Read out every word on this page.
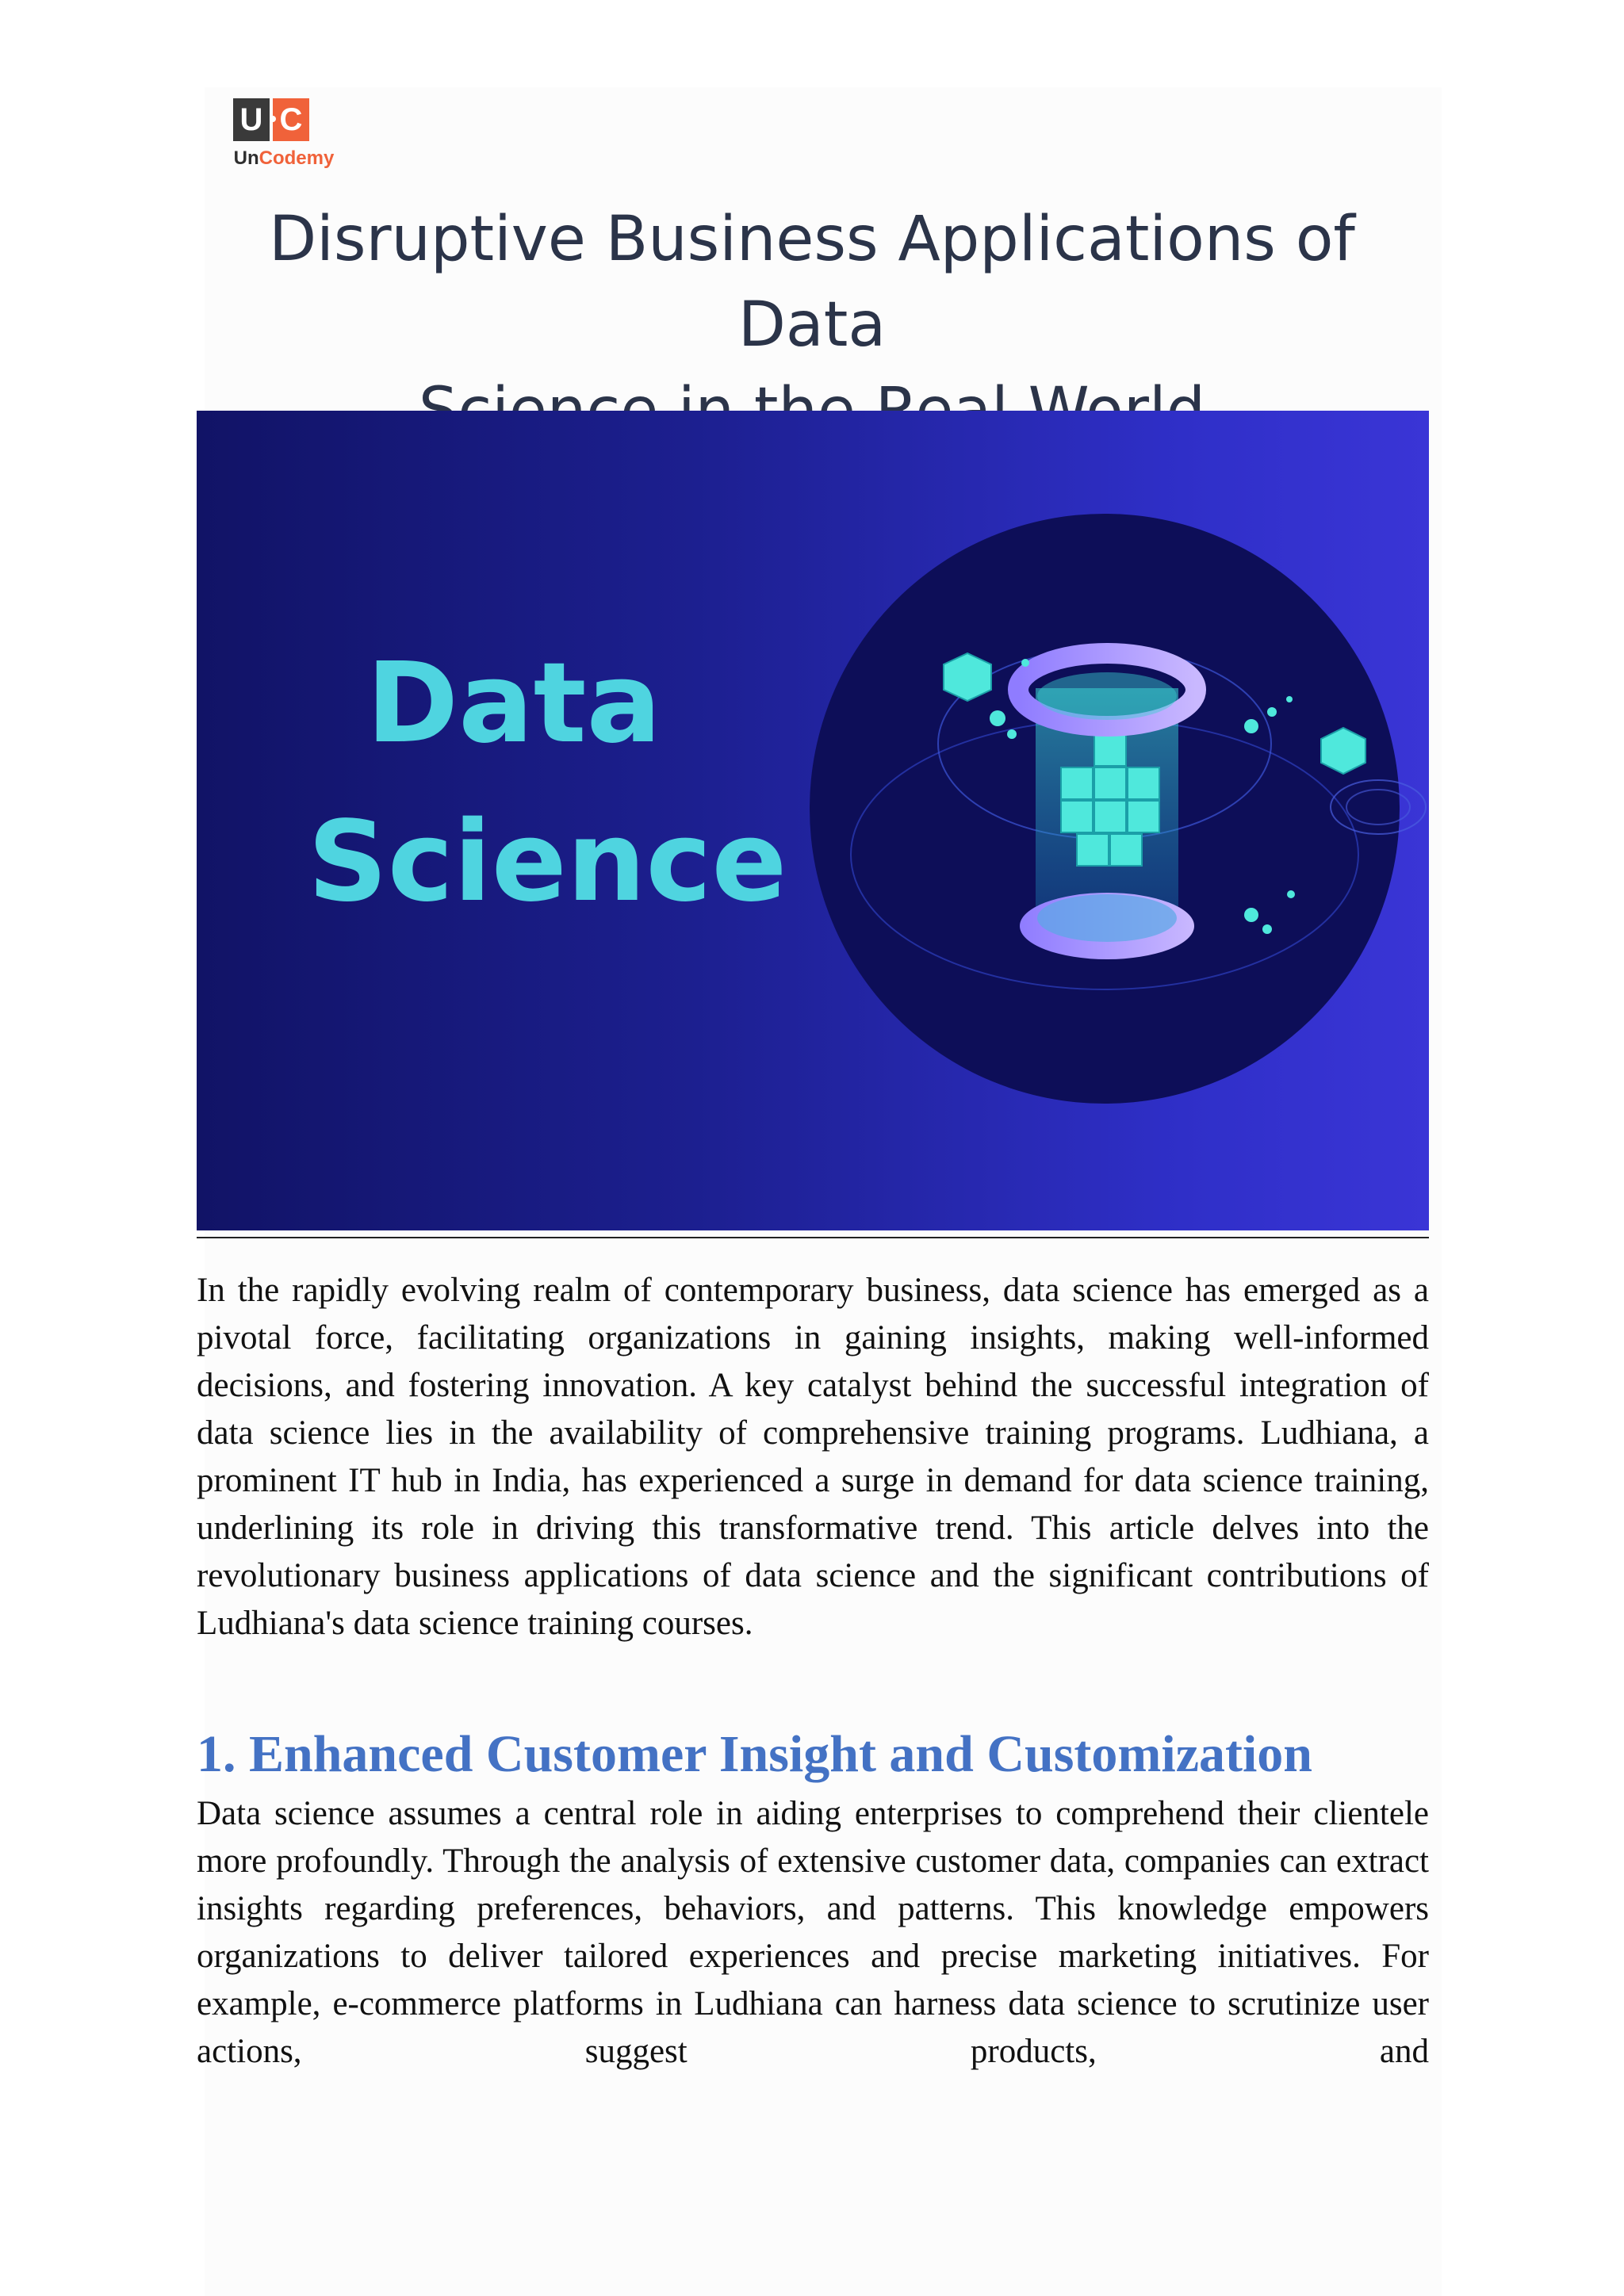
U C
UnCodemy
Disruptive Business Applications of Data

Data
Science

In the rapidly evolving realm of contemporary business, data science has emerged as a pivotal force, facilitating organizations in gaining insights, making well-informed decisions, and fostering innovation. A key catalyst behind the successful integration of data science lies in the availability of comprehensive training programs. Ludhiana, a prominent IT hub in India, has experienced a surge in demand for data science training, underlining its role in driving this transformative trend. This article delves into the revolutionary business applications of data science and the significant contributions of Ludhiana's data science training courses.

1. Enhanced Customer Insight and Customization

Data science assumes a central role in aiding enterprises to comprehend their clientele more profoundly. Through the analysis of extensive customer data, companies can extract insights regarding preferences, behaviors, and patterns. This knowledge empowers organizations to deliver tailored experiences and precise marketing initiatives. For example, e-commerce platforms in Ludhiana can harness data science to scrutinize user actions, suggest products, and
